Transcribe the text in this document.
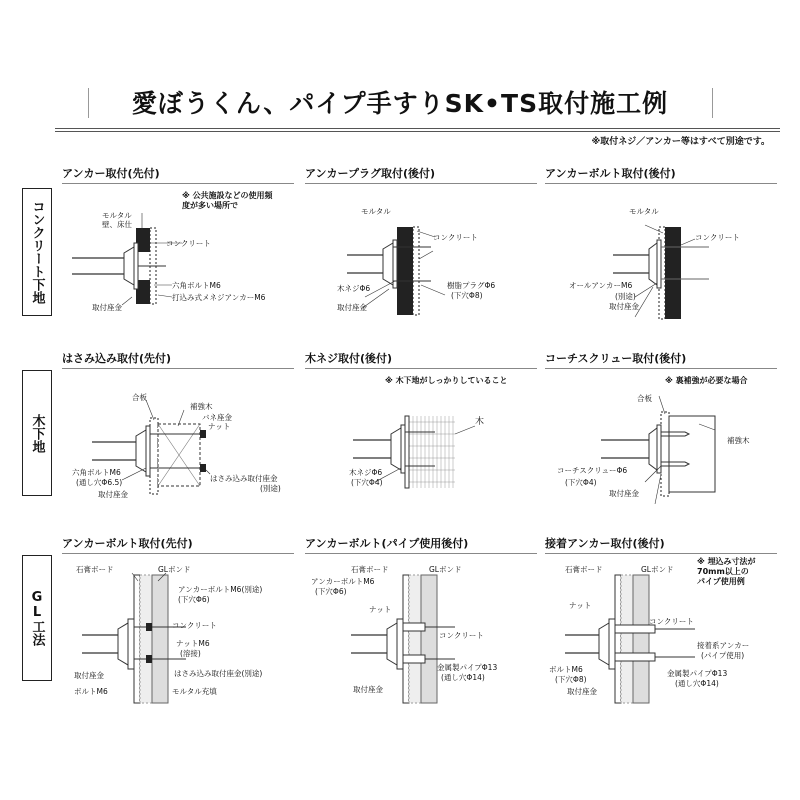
愛ぼうくん、パイプ手すりSK•TS取付施工例
※取付ネジ／アンカー等はすべて別途です。
コンクリート下地
木下地
GL工法
アンカー取付(先付)
※ 公共施設などの使用頻
度が多い場所で
モルタル
壁、床仕
コンクリート
六角ボルトM6
打込み式メネジアンカーM6
取付座金
アンカープラグ取付(後付)
モルタル
コンクリート
樹脂プラグΦ6
(下穴Φ8)
木ネジΦ6
取付座金
アンカーボルト取付(後付)
モルタル
コンクリート
オールアンカーM6
(別途)
取付座金
はさみ込み取付(先付)
合板
補強木
バネ座金
ナット
六角ボルトM6
(通し穴Φ6.5)
取付座金
はさみ込み取付座金
(別途)
木ネジ取付(後付)
※ 木下地がしっかりしていること
木
木ネジΦ6
(下穴Φ4)
コーチスクリュー取付(後付)
※ 裏補強が必要な場合
合板
補強木
コーチスクリューΦ6
(下穴Φ4)
取付座金
アンカーボルト取付(先付)
石膏ボード	GLボンド
アンカーボルトM6(別途)
(下穴Φ6)
コンクリート
ナットM6
(溶接)
はさみ込み取付座金(別途)
取付座金
ボルトM6	モルタル充填
アンカーボルト(パイプ使用後付)
石膏ボード	GLボンド
アンカーボルトM6
(下穴Φ6)
ナット
コンクリート
金属製パイプΦ13
(通し穴Φ14)
取付座金
接着アンカー取付(後付)
※ 埋込み寸法が
70mm以上の
パイプ使用例
石膏ボード	GLボンド
ナット
コンクリート
接着系アンカー
(パイプ使用)
ボルトM6
(下穴Φ8)
金属製パイプΦ13
(通し穴Φ14)
取付座金
